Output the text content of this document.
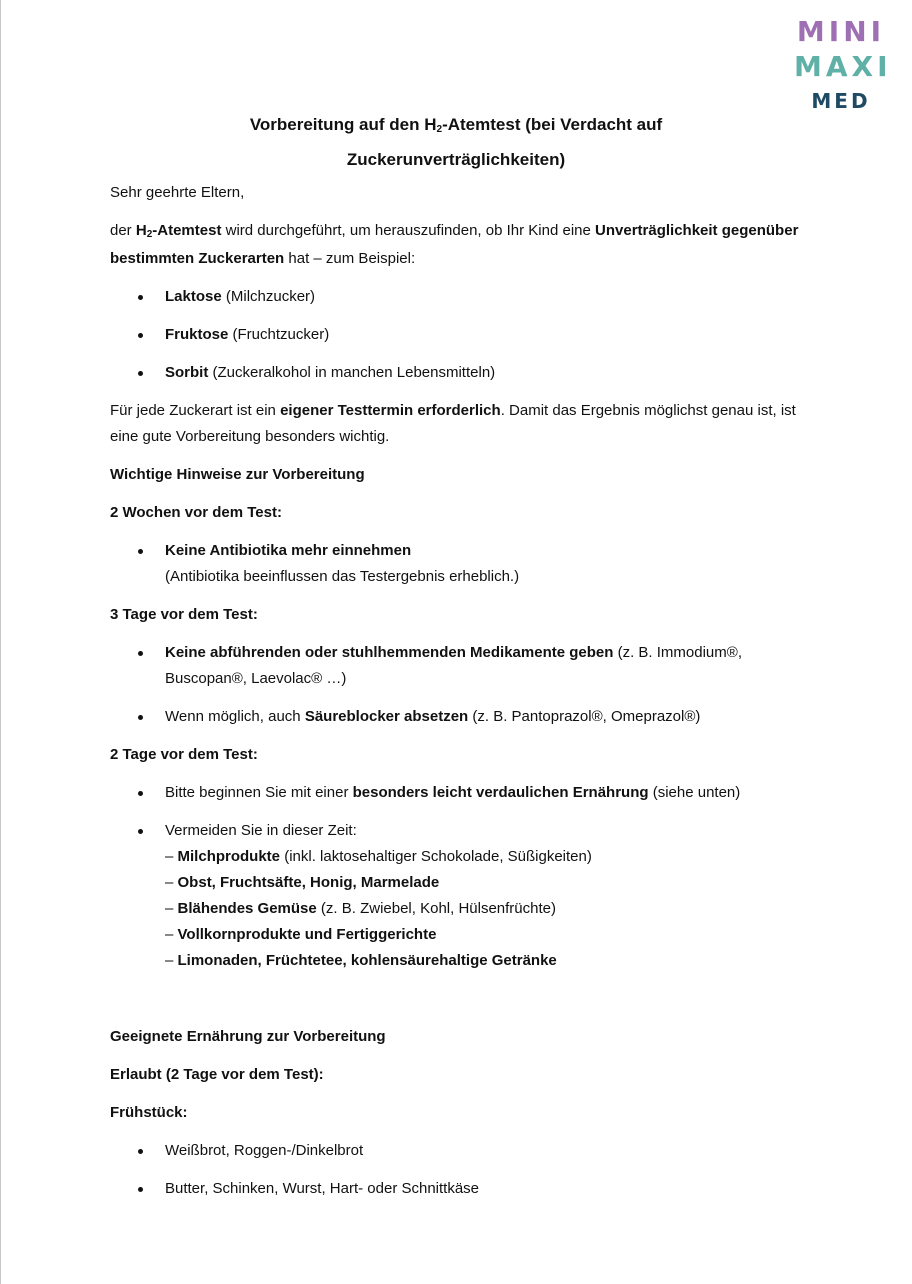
MINI
MAXI
MED
Vorbereitung auf den $H_2$-Atemtest (bei Verdacht auf
Zuckerunverträglichkeiten)

Sehr geehrte Eltern,

der $H_2$-Atemtest wird durchgeführt, um herauszufinden, ob Ihr Kind eine Unverträglichkeit gegenüber bestimmten Zuckerarten hat – zum Beispiel:

Laktose (Milchzucker)
Fruktose (Fruchtzucker)
Sorbit (Zuckeralkohol in manchen Lebensmitteln)

Für jede Zuckerart ist ein eigener Testtermin erforderlich. Damit das Ergebnis möglichst genau ist, ist eine gute Vorbereitung besonders wichtig.

Wichtige Hinweise zur Vorbereitung

2 Wochen vor dem Test:

Keine Antibiotika mehr einnehmen
(Antibiotika beeinflussen das Testergebnis erheblich.)

3 Tage vor dem Test:

Keine abführenden oder stuhlhemmenden Medikamente geben (z. B. Immodium®, Buscopan®, Laevolac® …)
Wenn möglich, auch Säureblocker absetzen (z. B. Pantoprazol®, Omeprazol®)

2 Tage vor dem Test:

Bitte beginnen Sie mit einer besonders leicht verdaulichen Ernährung (siehe unten)
Vermeiden Sie in dieser Zeit:
– Milchprodukte (inkl. laktosehaltiger Schokolade, Süßigkeiten)
– Obst, Fruchtsäfte, Honig, Marmelade
– Blähendes Gemüse (z. B. Zwiebel, Kohl, Hülsenfrüchte)
– Vollkornprodukte und Fertiggerichte
– Limonaden, Früchtetee, kohlensäurehaltige Getränke

Geeignete Ernährung zur Vorbereitung

Erlaubt (2 Tage vor dem Test):

Frühstück:

Weißbrot, Roggen-/Dinkelbrot
Butter, Schinken, Wurst, Hart- oder Schnittkäse
